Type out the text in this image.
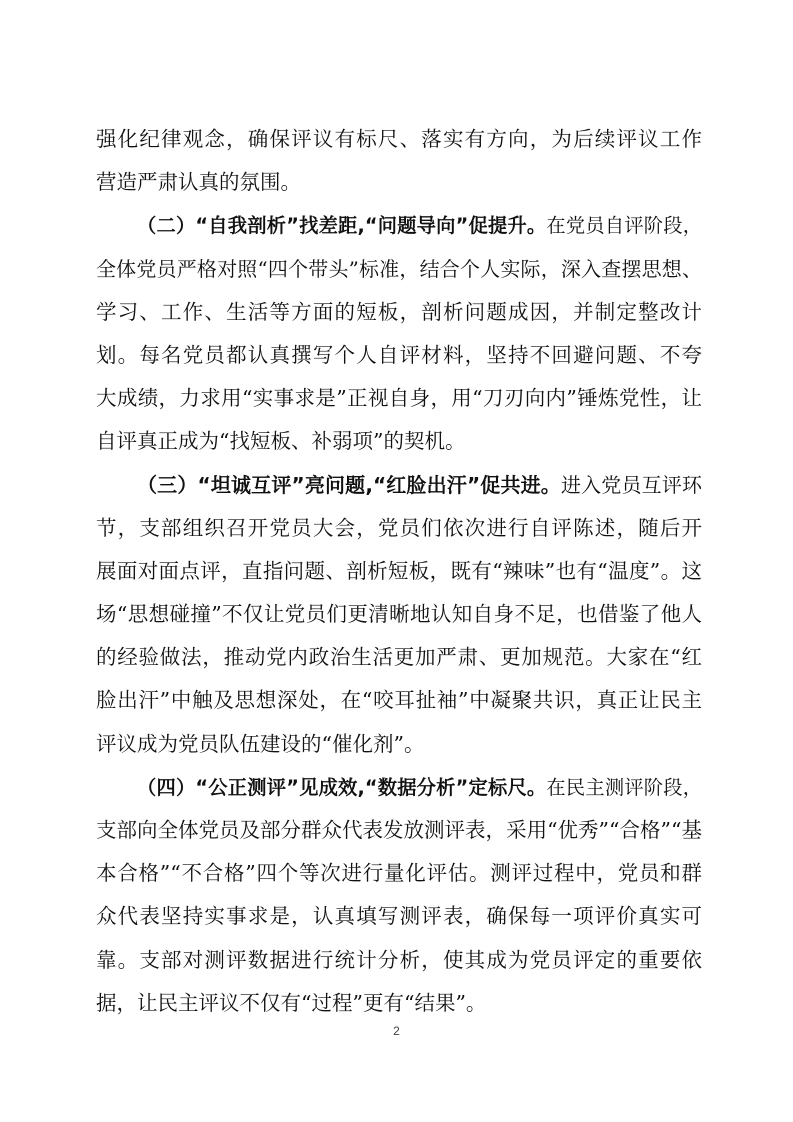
强化纪律观念，确保评议有标尺、落实有方向，为后续评议工作
营造严肃认真的氛围。
（二）“自我剖析”找差距,“问题导向”促提升。在党员自评阶段，
全体党员严格对照“四个带头”标准，结合个人实际，深入查摆思想、
学习、工作、生活等方面的短板，剖析问题成因，并制定整改计
划。每名党员都认真撰写个人自评材料，坚持不回避问题、不夸
大成绩，力求用“实事求是”正视自身，用“刀刃向内”锤炼党性，让
自评真正成为“找短板、补弱项”的契机。
（三）“坦诚互评”亮问题,“红脸出汗”促共进。进入党员互评环
节，支部组织召开党员大会，党员们依次进行自评陈述，随后开
展面对面点评，直指问题、剖析短板，既有“辣味”也有“温度”。这
场“思想碰撞”不仅让党员们更清晰地认知自身不足，也借鉴了他人
的经验做法，推动党内政治生活更加严肃、更加规范。大家在“红
脸出汗”中触及思想深处，在“咬耳扯袖”中凝聚共识，真正让民主
评议成为党员队伍建设的“催化剂”。
（四）“公正测评”见成效,“数据分析”定标尺。在民主测评阶段，
支部向全体党员及部分群众代表发放测评表，采用“优秀”“合格”“基
本合格”“不合格”四个等次进行量化评估。测评过程中，党员和群
众代表坚持实事求是，认真填写测评表，确保每一项评价真实可
靠。支部对测评数据进行统计分析，使其成为党员评定的重要依
据，让民主评议不仅有“过程”更有“结果”。
2
